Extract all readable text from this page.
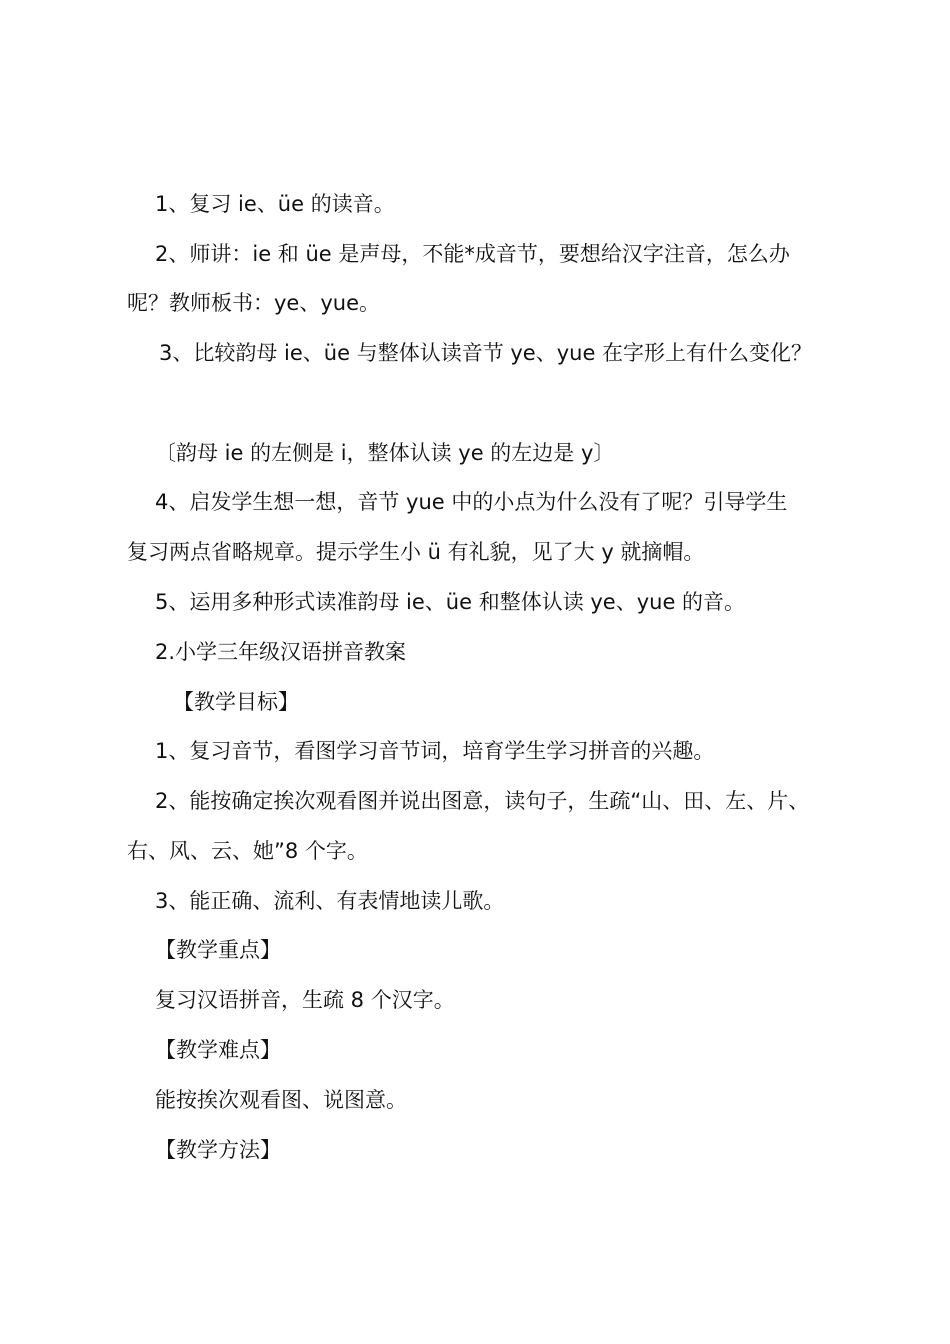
1、复习 ie、üe 的读音。
2、师讲：ie 和 üe 是声母，不能*成音节，要想给汉字注音，怎么办
呢？教师板书：ye、yue。
3、比较韵母 ie、üe 与整体认读音节 ye、yue 在字形上有什么变化？
〔韵母 ie 的左侧是 i，整体认读 ye 的左边是 y〕
4、启发学生想一想，音节 yue 中的小点为什么没有了呢？引导学生
复习两点省略规章。提示学生小 ü 有礼貌，见了大 y 就摘帽。
5、运用多种形式读准韵母 ie、üe 和整体认读 ye、yue 的音。
2.小学三年级汉语拼音教案
【教学目标】
1、复习音节，看图学习音节词，培育学生学习拼音的兴趣。
2、能按确定挨次观看图并说出图意，读句子，生疏“山、田、左、片、
右、风、云、她”8 个字。
3、能正确、流利、有表情地读儿歌。
【教学重点】
复习汉语拼音，生疏 8 个汉字。
【教学难点】
能按挨次观看图、说图意。
【教学方法】
